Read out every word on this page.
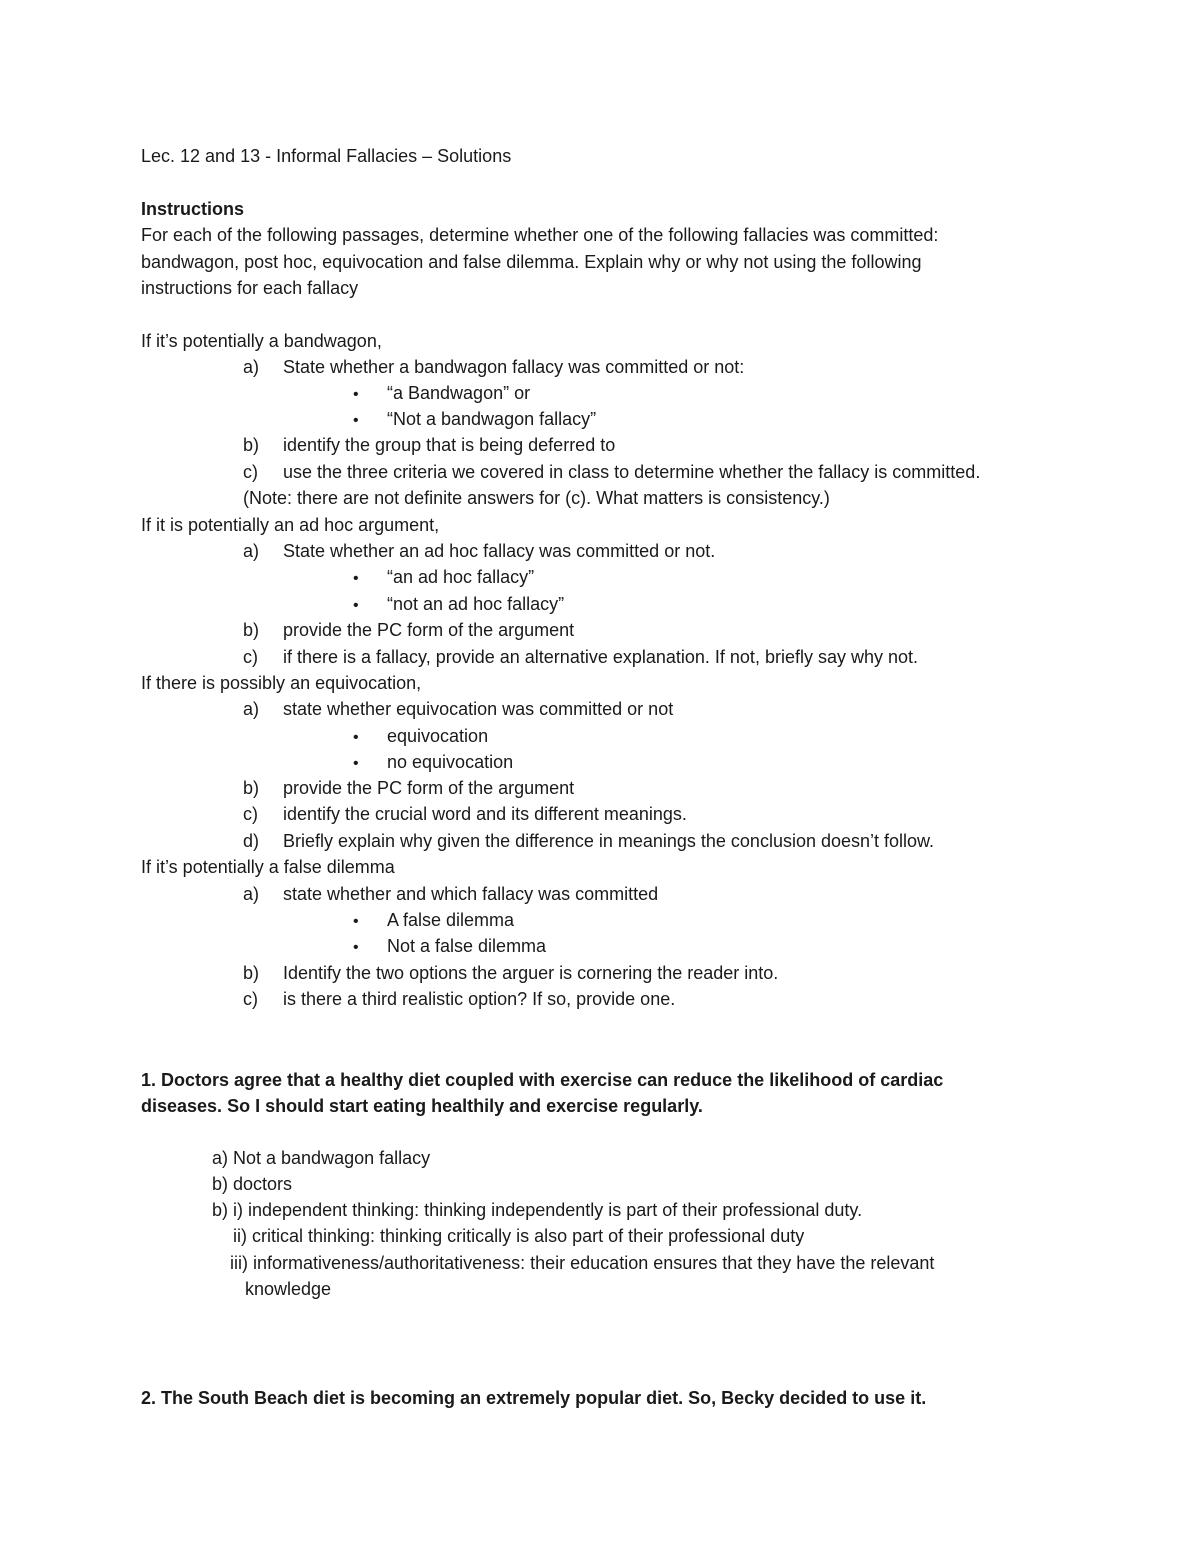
Lec. 12 and 13 - Informal Fallacies – Solutions
Instructions
For each of the following passages, determine whether one of the following fallacies was committed:
bandwagon, post hoc, equivocation and false dilemma. Explain why or why not using the following
instructions for each fallacy
If it’s potentially a bandwagon,
a) State whether a bandwagon fallacy was committed or not:
• “a Bandwagon” or
• “Not a bandwagon fallacy”
b) identify the group that is being deferred to
c) use the three criteria we covered in class to determine whether the fallacy is committed.
(Note: there are not definite answers for (c). What matters is consistency.)
If it is potentially an ad hoc argument,
a) State whether an ad hoc fallacy was committed or not.
• “an ad hoc fallacy”
• “not an ad hoc fallacy”
b) provide the PC form of the argument
c) if there is a fallacy, provide an alternative explanation. If not, briefly say why not.
If there is possibly an equivocation,
a) state whether equivocation was committed or not
• equivocation
• no equivocation
b) provide the PC form of the argument
c) identify the crucial word and its different meanings.
d) Briefly explain why given the difference in meanings the conclusion doesn’t follow.
If it’s potentially a false dilemma
a) state whether and which fallacy was committed
• A false dilemma
• Not a false dilemma
b) Identify the two options the arguer is cornering the reader into.
c) is there a third realistic option? If so, provide one.
1. Doctors agree that a healthy diet coupled with exercise can reduce the likelihood of cardiac
diseases. So I should start eating healthily and exercise regularly.
a) Not a bandwagon fallacy
b) doctors
b) i) independent thinking: thinking independently is part of their professional duty.
ii) critical thinking: thinking critically is also part of their professional duty
iii) informativeness/authoritativeness: their education ensures that they have the relevant
knowledge
2. The South Beach diet is becoming an extremely popular diet. So, Becky decided to use it.
